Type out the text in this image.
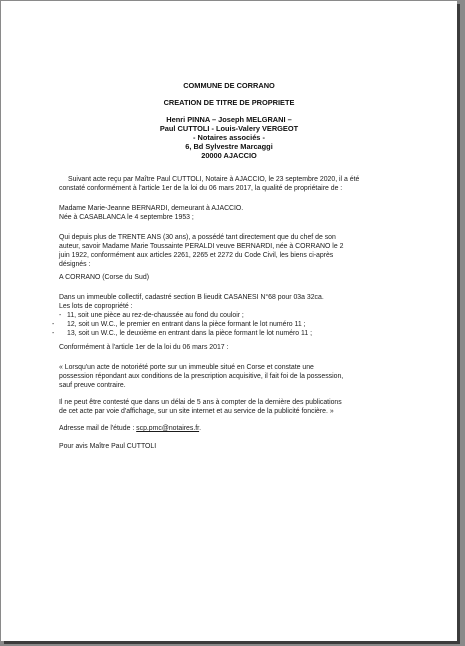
COMMUNE DE CORRANO
CREATION DE TITRE DE PROPRIETE
Henri PINNA – Joseph MELGRANI –
Paul CUTTOLI - Louis-Valery VERGEOT
- Notaires associés -
6, Bd Sylvestre Marcaggi
20000 AJACCIO
Suivant acte reçu par Maître Paul CUTTOLI, Notaire à AJACCIO, le 23 septembre 2020, il a été
constaté conformément à l'article 1er de la loi du 06 mars 2017, la qualité de propriétaire de :
Madame Marie-Jeanne BERNARDI, demeurant à AJACCIO.
Née à CASABLANCA le 4 septembre 1953 ;
Qui depuis plus de TRENTE ANS (30 ans), a possédé tant directement que du chef de son
auteur, savoir Madame Marie Toussainte PERALDI veuve BERNARDI, née à CORRANO le 2
juin 1922, conformément aux articles 2261, 2265 et 2272 du Code Civil, les biens ci-après
désignés :
A CORRANO (Corse du Sud)
Dans un immeuble collectif, cadastré section B lieudit CASANESI N°68 pour 03a 32ca.
Les lots de copropriété :
- 11, soit une pièce au rez-de-chaussée au fond du couloir ;
- 12, soit un W.C., le premier en entrant dans la pièce formant le lot numéro 11 ;
- 13, soit un W.C., le deuxième en entrant dans la pièce formant le lot numéro 11 ;
Conformément à l'article 1er de la loi du 06 mars 2017 :
« Lorsqu'un acte de notoriété porte sur un immeuble situé en Corse et constate une
possession répondant aux conditions de la prescription acquisitive, il fait foi de la possession,
sauf preuve contraire.
Il ne peut être contesté que dans un délai de 5 ans à compter de la dernière des publications
de cet acte par voie d'affichage, sur un site internet et au service de la publicité foncière. »
Adresse mail de l'étude : scp.pmc@notaires.fr.
Pour avis Maître Paul CUTTOLI
